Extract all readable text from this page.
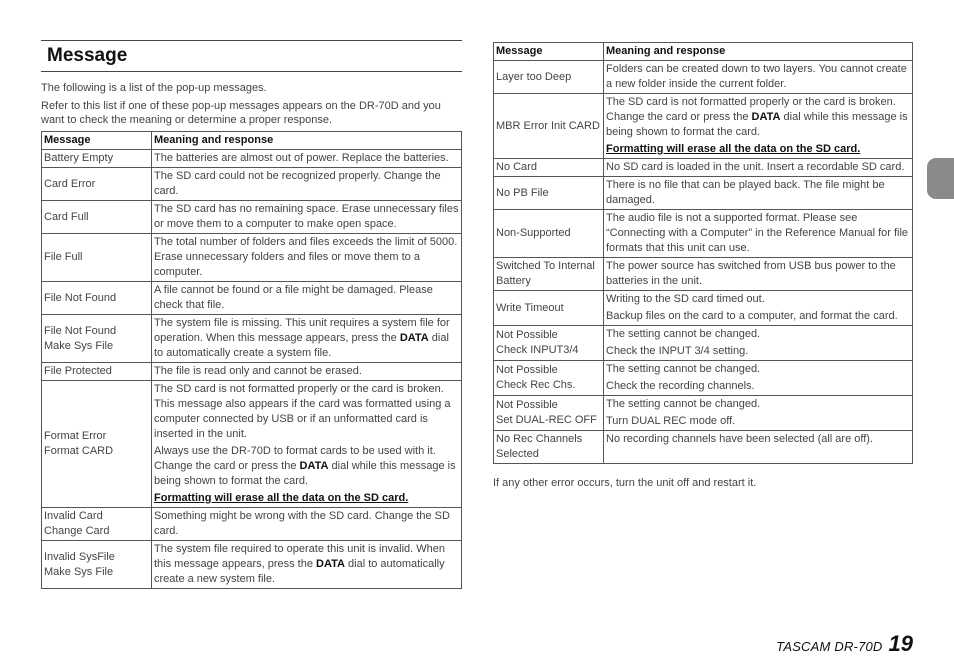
Message

The following is a list of the pop-up messages.

Refer to this list if one of these pop-up messages appears on the DR-70D and you want to check the meaning or determine a proper response.

Message	Meaning and response

Battery Empty	The batteries are almost out of power. Replace the batteries.

Card Error	The SD card could not be recognized properly. Change the card.

Card Full	The SD card has no remaining space. Erase unnecessary files or move them to a computer to make open space.

File Full	The total number of folders and files exceeds the limit of 5000. Erase unnecessary folders and files or move them to a computer.

File Not Found	A file cannot be found or a file might be damaged. Please check that file.

File Not Found
Make Sys File	The system file is missing. This unit requires a system file for operation. When this message appears, press the DATA dial to automatically create a system file.

File Protected	The file is read only and cannot be erased.

Format Error
Format CARD	The SD card is not formatted properly or the card is broken. This message also appears if the card was formatted using a computer connected by USB or if an unformatted card is inserted in the unit.
Always use the DR-70D to format cards to be used with it. Change the card or press the DATA dial while this message is being shown to format the card.
Formatting will erase all the data on the SD card.

Invalid Card
Change Card	Something might be wrong with the SD card. Change the SD card.

Invalid SysFile
Make Sys File	The system file required to operate this unit is invalid. When this message appears, press the DATA dial to automatically create a new system file.
Message	Meaning and response

Layer too Deep	Folders can be created down to two layers. You cannot create a new folder inside the current folder.

MBR Error Init CARD	The SD card is not formatted properly or the card is broken. Change the card or press the DATA dial while this message is being shown to format the card.
Formatting will erase all the data on the SD card.

No Card	No SD card is loaded in the unit. Insert a recordable SD card.

No PB File	There is no file that can be played back. The file might be damaged.

Non-Supported	The audio file is not a supported format. Please see “Connecting with a Computer” in the Reference Manual for file formats that this unit can use.

Switched To Internal
Battery	The power source has switched from USB bus power to the batteries in the unit.

Write Timeout	Writing to the SD card timed out.
Backup files on the card to a computer, and format the card.

Not Possible
Check INPUT3/4	The setting cannot be changed.
Check the INPUT 3/4 setting.

Not Possible
Check Rec Chs.	The setting cannot be changed.
Check the recording channels.

Not Possible
Set DUAL-REC OFF	The setting cannot be changed.
Turn DUAL REC mode off.

No Rec Channels
Selected	No recording channels have been selected (all are off).

If any other error occurs, turn the unit off and restart it.

TASCAM DR-70D 19
